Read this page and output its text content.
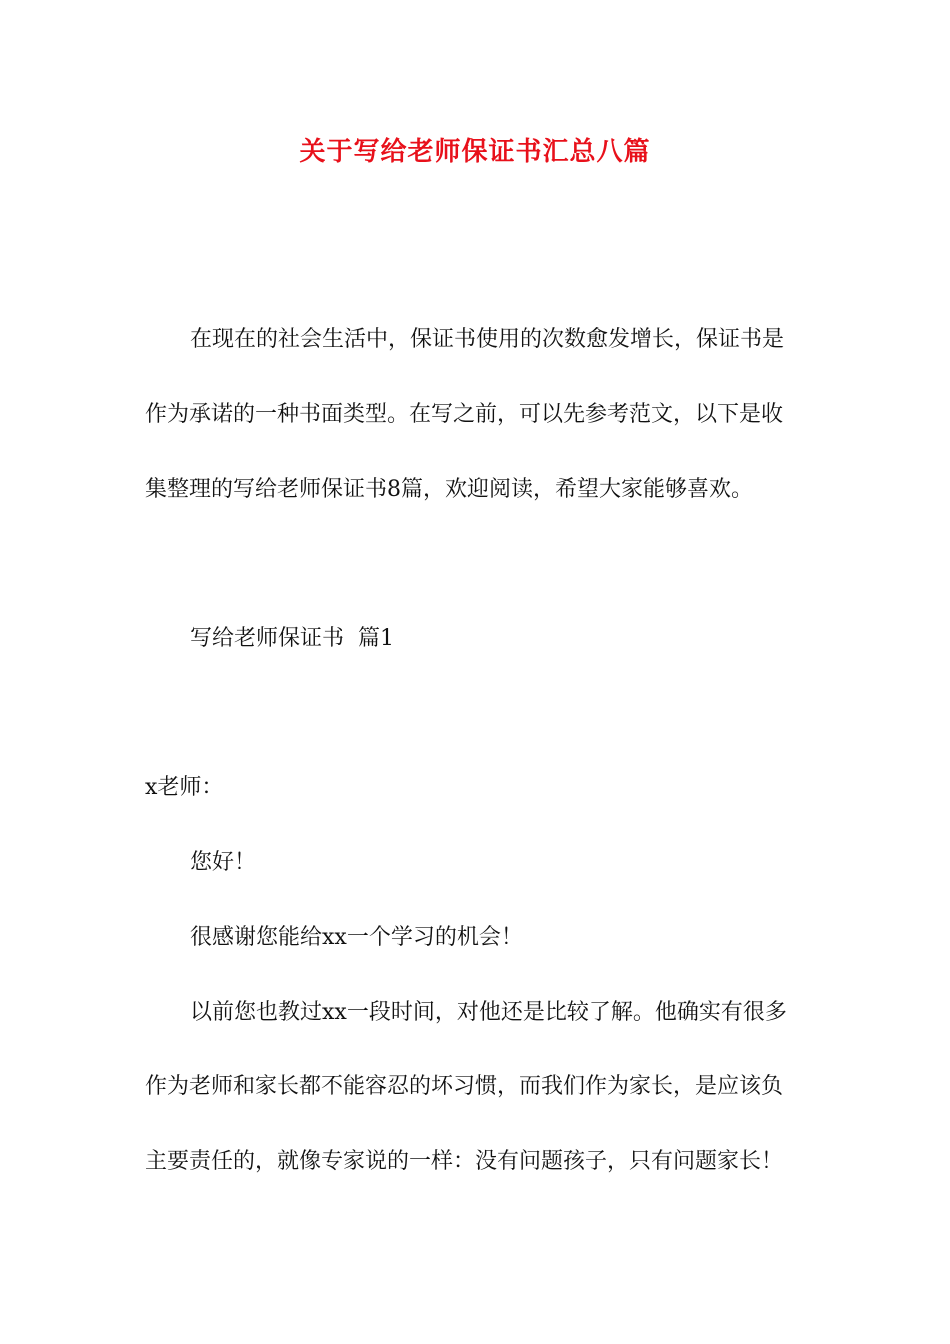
关于写给老师保证书汇总八篇
在现在的社会生活中，保证书使用的次数愈发增长，保证书是
作为承诺的一种书面类型。在写之前，可以先参考范文，以下是收
集整理的写给老师保证书8篇，欢迎阅读，希望大家能够喜欢。
写给老师保证书  篇1
x老师：
您好！
很感谢您能给xx一个学习的机会！
以前您也教过xx一段时间，对他还是比较了解。他确实有很多
作为老师和家长都不能容忍的坏习惯，而我们作为家长，是应该负
主要责任的，就像专家说的一样：没有问题孩子，只有问题家长！
